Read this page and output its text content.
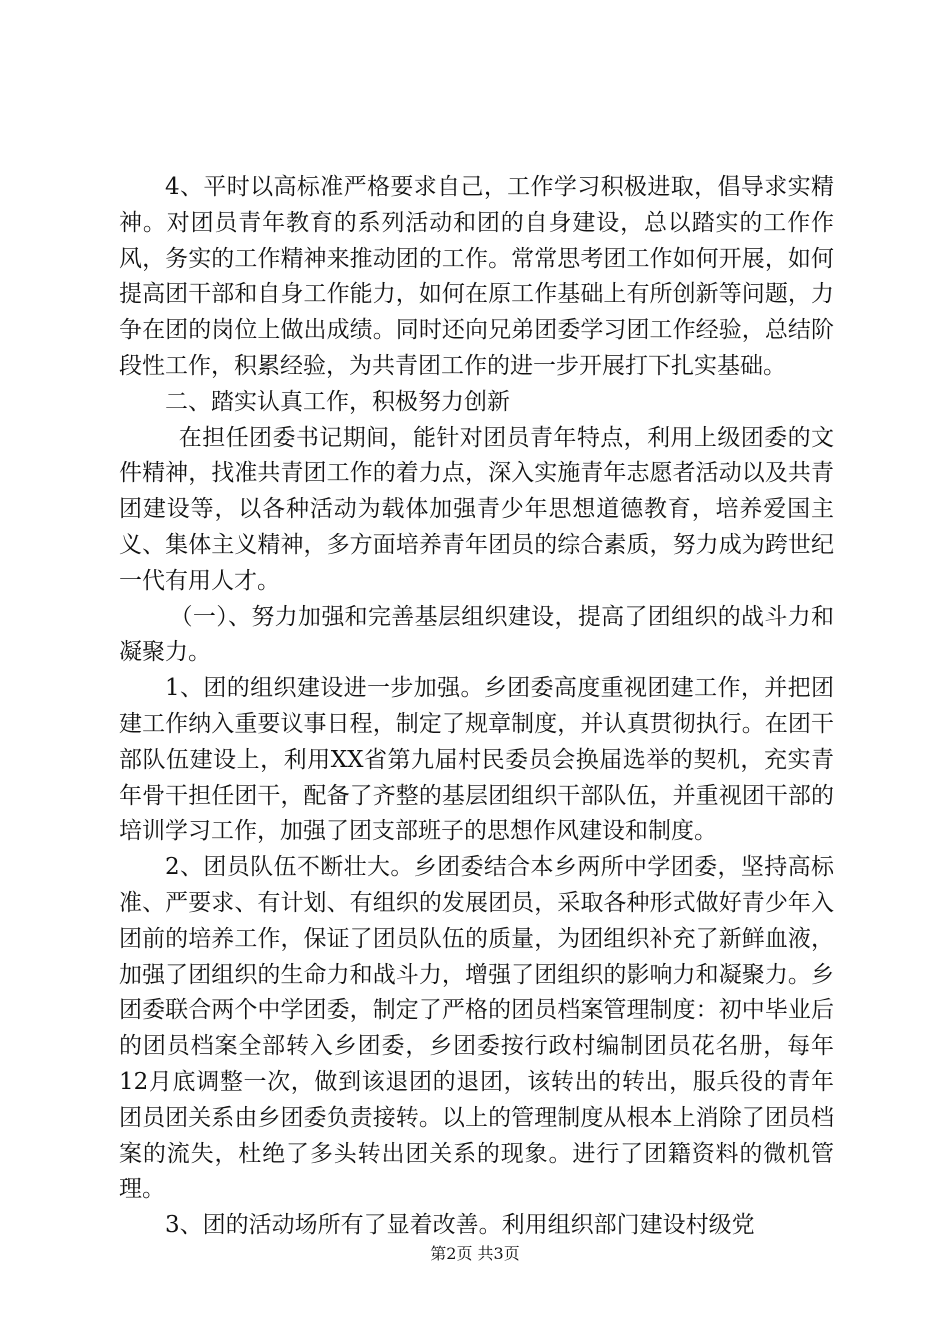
4、平时以高标准严格要求自己，工作学习积极进取，倡导求实精神。对团员青年教育的系列活动和团的自身建设，总以踏实的工作作风，务实的工作精神来推动团的工作。常常思考团工作如何开展，如何提高团干部和自身工作能力，如何在原工作基础上有所创新等问题，力争在团的岗位上做出成绩。同时还向兄弟团委学习团工作经验，总结阶段性工作，积累经验，为共青团工作的进一步开展打下扎实基础。

二、踏实认真工作，积极努力创新

在担任团委书记期间，能针对团员青年特点，利用上级团委的文件精神，找准共青团工作的着力点，深入实施青年志愿者活动以及共青团建设等，以各种活动为载体加强青少年思想道德教育，培养爱国主义、集体主义精神，多方面培养青年团员的综合素质，努力成为跨世纪一代有用人才。

（一）、努力加强和完善基层组织建设，提高了团组织的战斗力和凝聚力。

1、团的组织建设进一步加强。乡团委高度重视团建工作，并把团建工作纳入重要议事日程，制定了规章制度，并认真贯彻执行。在团干部队伍建设上，利用XX省第九届村民委员会换届选举的契机，充实青年骨干担任团干，配备了齐整的基层团组织干部队伍，并重视团干部的培训学习工作，加强了团支部班子的思想作风建设和制度。

2、团员队伍不断壮大。乡团委结合本乡两所中学团委，坚持高标准、严要求、有计划、有组织的发展团员，采取各种形式做好青少年入团前的培养工作，保证了团员队伍的质量，为团组织补充了新鲜血液，加强了团组织的生命力和战斗力，增强了团组织的影响力和凝聚力。乡团委联合两个中学团委，制定了严格的团员档案管理制度：初中毕业后的团员档案全部转入乡团委，乡团委按行政村编制团员花名册，每年12月底调整一次，做到该退团的退团，该转出的转出，服兵役的青年团员团关系由乡团委负责接转。以上的管理制度从根本上消除了团员档案的流失，杜绝了多头转出团关系的现象。进行了团籍资料的微机管理。

3、团的活动场所有了显着改善。利用组织部门建设村级党

第2页 共3页
